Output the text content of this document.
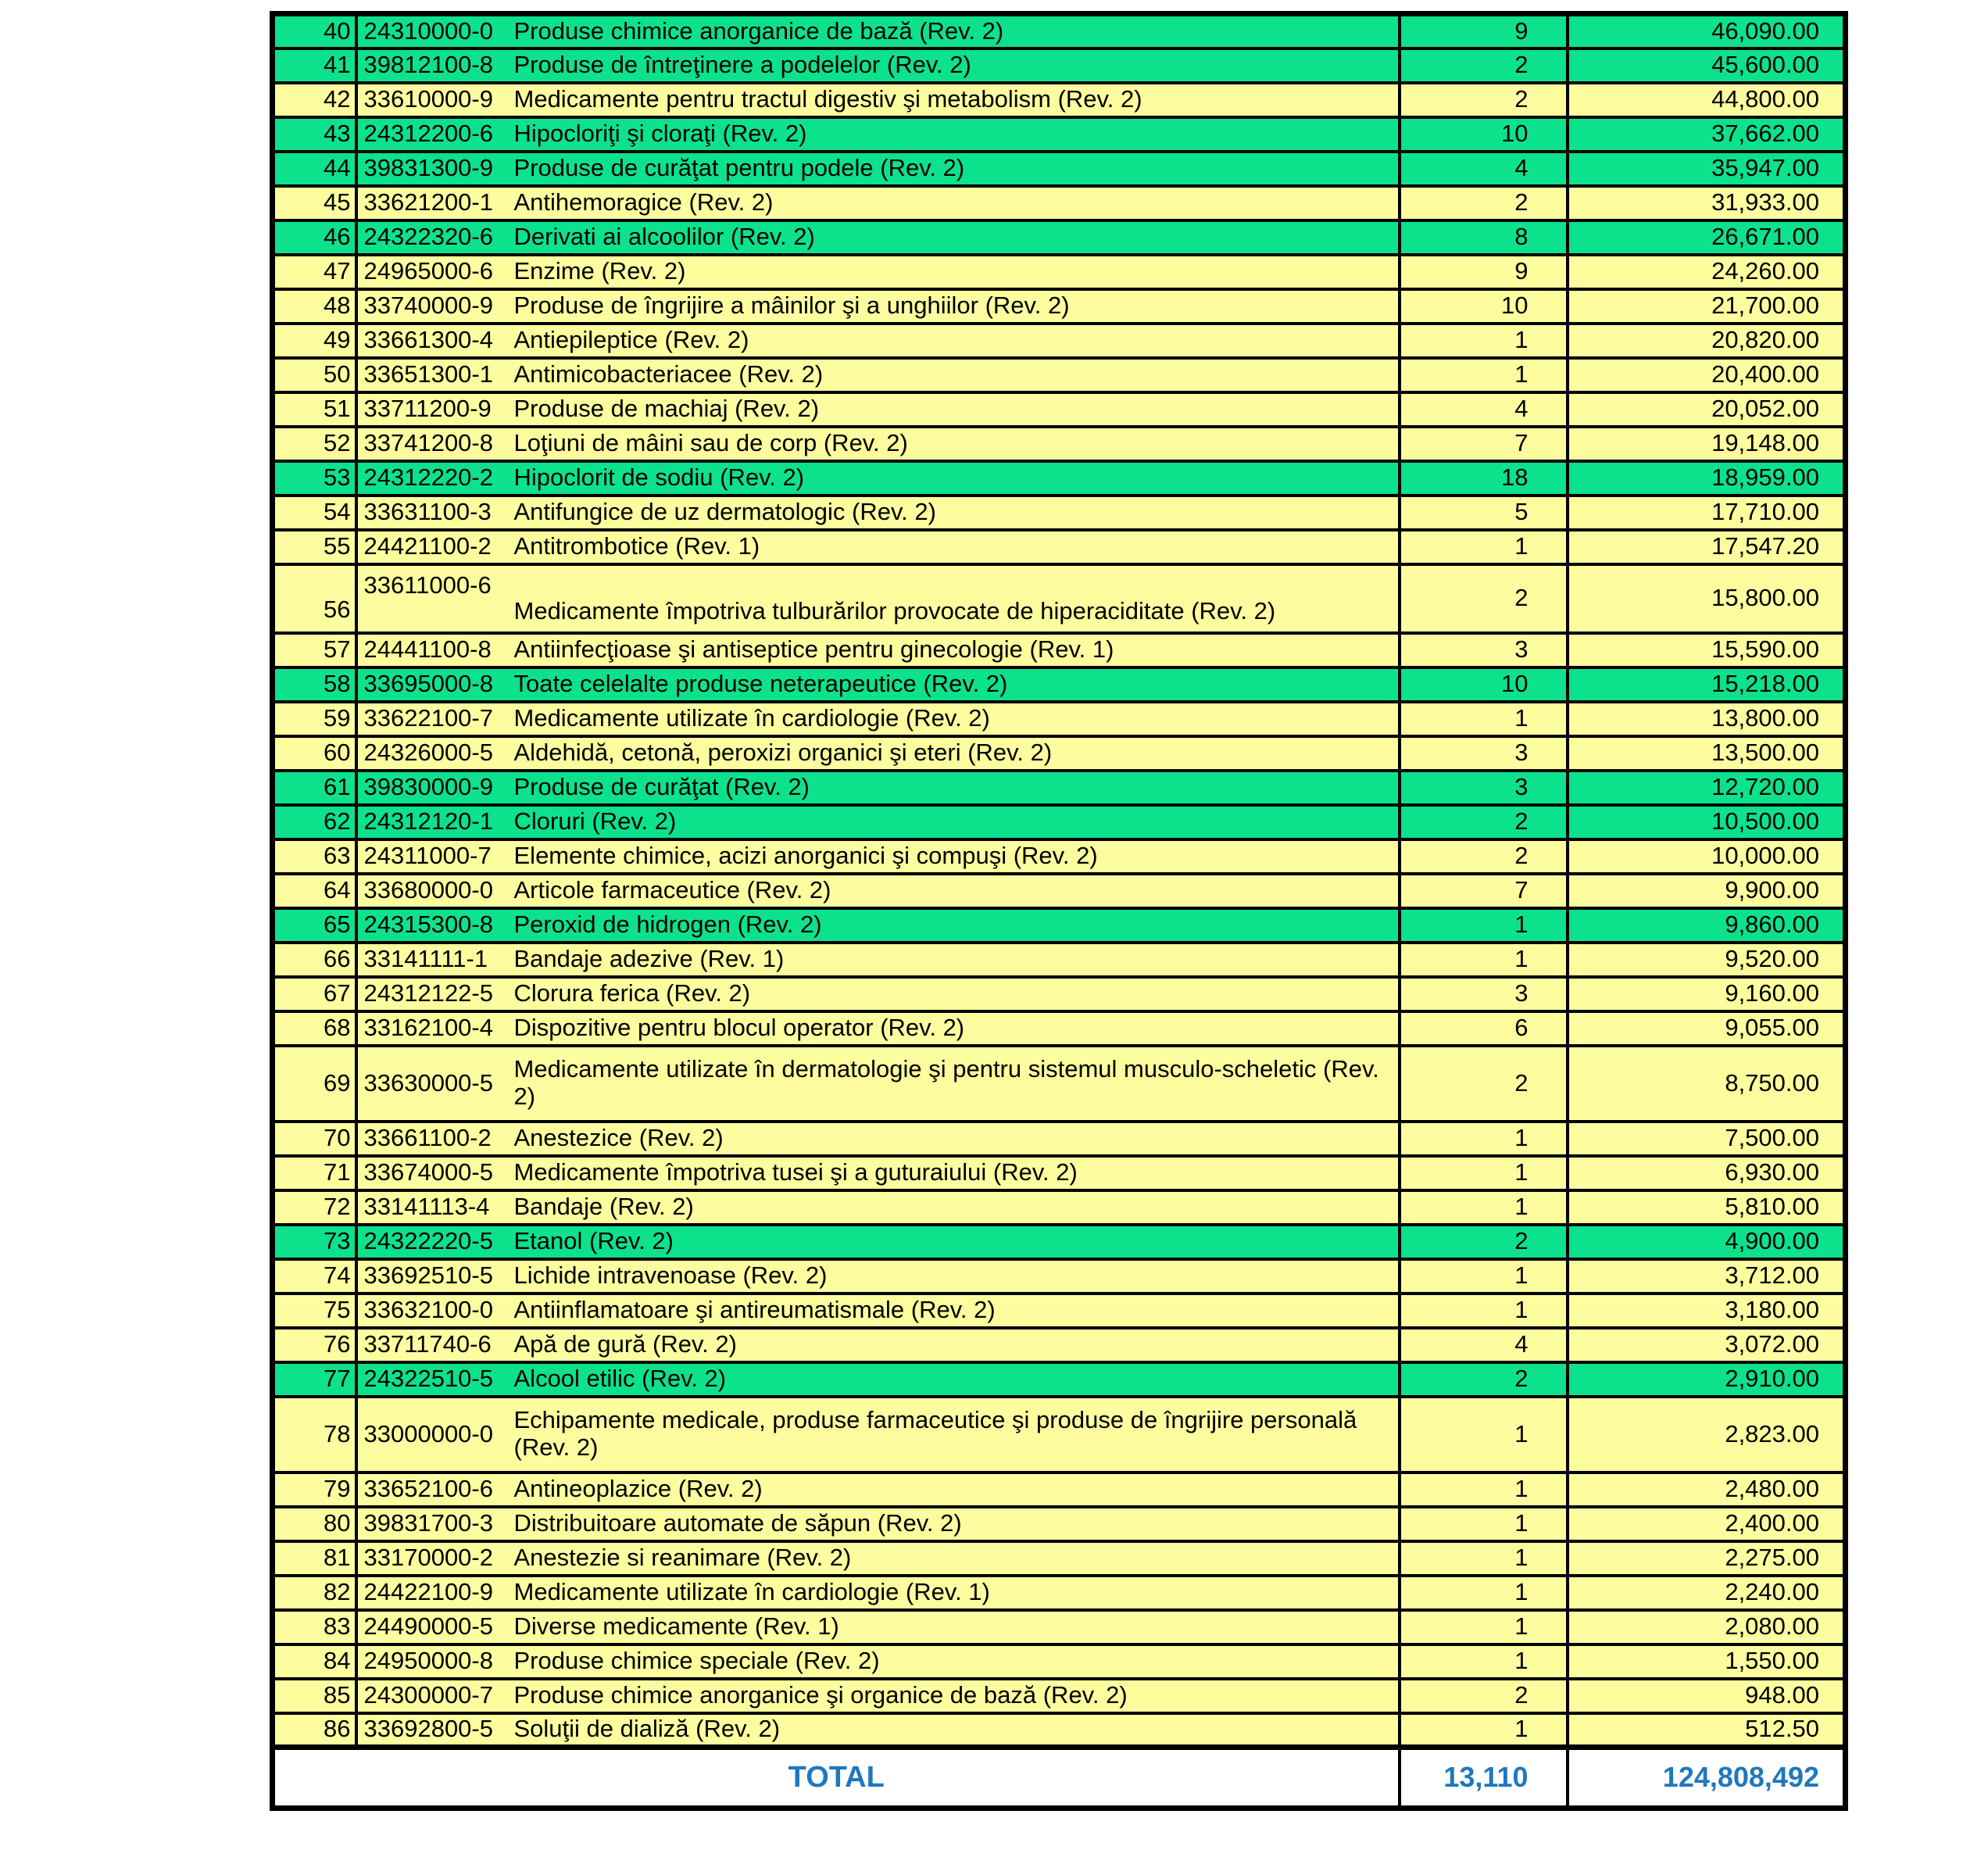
40	24310000-0	Produse chimice anorganice de bază (Rev. 2)	9	46,090.00
41	39812100-8	Produse de întreţinere a podelelor (Rev. 2)	2	45,600.00
42	33610000-9	Medicamente pentru tractul digestiv şi metabolism (Rev. 2)	2	44,800.00
43	24312200-6	Hipocloriţi şi cloraţi (Rev. 2)	10	37,662.00
44	39831300-9	Produse de curăţat pentru podele (Rev. 2)	4	35,947.00
45	33621200-1	Antihemoragice (Rev. 2)	2	31,933.00
46	24322320-6	Derivati ai alcoolilor (Rev. 2)	8	26,671.00
47	24965000-6	Enzime (Rev. 2)	9	24,260.00
48	33740000-9	Produse de îngrijire a mâinilor şi a unghiilor (Rev. 2)	10	21,700.00
49	33661300-4	Antiepileptice (Rev. 2)	1	20,820.00
50	33651300-1	Antimicobacteriacee (Rev. 2)	1	20,400.00
51	33711200-9	Produse de machiaj (Rev. 2)	4	20,052.00
52	33741200-8	Loţiuni de mâini sau de corp (Rev. 2)	7	19,148.00
53	24312220-2	Hipoclorit de sodiu (Rev. 2)	18	18,959.00
54	33631100-3	Antifungice de uz dermatologic (Rev. 2)	5	17,710.00
55	24421100-2	Antitrombotice (Rev. 1)	1	17,547.20
56	33611000-6	Medicamente împotriva tulburărilor provocate de hiperaciditate (Rev. 2)	2	15,800.00
57	24441100-8	Antiinfecţioase şi antiseptice pentru ginecologie (Rev. 1)	3	15,590.00
58	33695000-8	Toate celelalte produse neterapeutice (Rev. 2)	10	15,218.00
59	33622100-7	Medicamente utilizate în cardiologie (Rev. 2)	1	13,800.00
60	24326000-5	Aldehidă, cetonă, peroxizi organici şi eteri (Rev. 2)	3	13,500.00
61	39830000-9	Produse de curăţat (Rev. 2)	3	12,720.00
62	24312120-1	Cloruri (Rev. 2)	2	10,500.00
63	24311000-7	Elemente chimice, acizi anorganici şi compuşi (Rev. 2)	2	10,000.00
64	33680000-0	Articole farmaceutice (Rev. 2)	7	9,900.00
65	24315300-8	Peroxid de hidrogen (Rev. 2)	1	9,860.00
66	33141111-1	Bandaje adezive (Rev. 1)	1	9,520.00
67	24312122-5	Clorura ferica (Rev. 2)	3	9,160.00
68	33162100-4	Dispozitive pentru blocul operator (Rev. 2)	6	9,055.00
69	33630000-5	Medicamente utilizate în dermatologie şi pentru sistemul musculo-scheletic (Rev. 2)	2	8,750.00
70	33661100-2	Anestezice (Rev. 2)	1	7,500.00
71	33674000-5	Medicamente împotriva tusei şi a guturaiului (Rev. 2)	1	6,930.00
72	33141113-4	Bandaje (Rev. 2)	1	5,810.00
73	24322220-5	Etanol (Rev. 2)	2	4,900.00
74	33692510-5	Lichide intravenoase (Rev. 2)	1	3,712.00
75	33632100-0	Antiinflamatoare şi antireumatismale (Rev. 2)	1	3,180.00
76	33711740-6	Apă de gură (Rev. 2)	4	3,072.00
77	24322510-5	Alcool etilic (Rev. 2)	2	2,910.00
78	33000000-0	Echipamente medicale, produse farmaceutice şi produse de îngrijire personală (Rev. 2)	1	2,823.00
79	33652100-6	Antineoplazice (Rev. 2)	1	2,480.00
80	39831700-3	Distribuitoare automate de săpun (Rev. 2)	1	2,400.00
81	33170000-2	Anestezie si reanimare (Rev. 2)	1	2,275.00
82	24422100-9	Medicamente utilizate în cardiologie (Rev. 1)	1	2,240.00
83	24490000-5	Diverse medicamente (Rev. 1)	1	2,080.00
84	24950000-8	Produse chimice speciale (Rev. 2)	1	1,550.00
85	24300000-7	Produse chimice anorganice şi organice de bază (Rev. 2)	2	948.00
86	33692800-5	Soluţii de dializă (Rev. 2)	1	512.50
TOTAL			13,110	124,808,492
